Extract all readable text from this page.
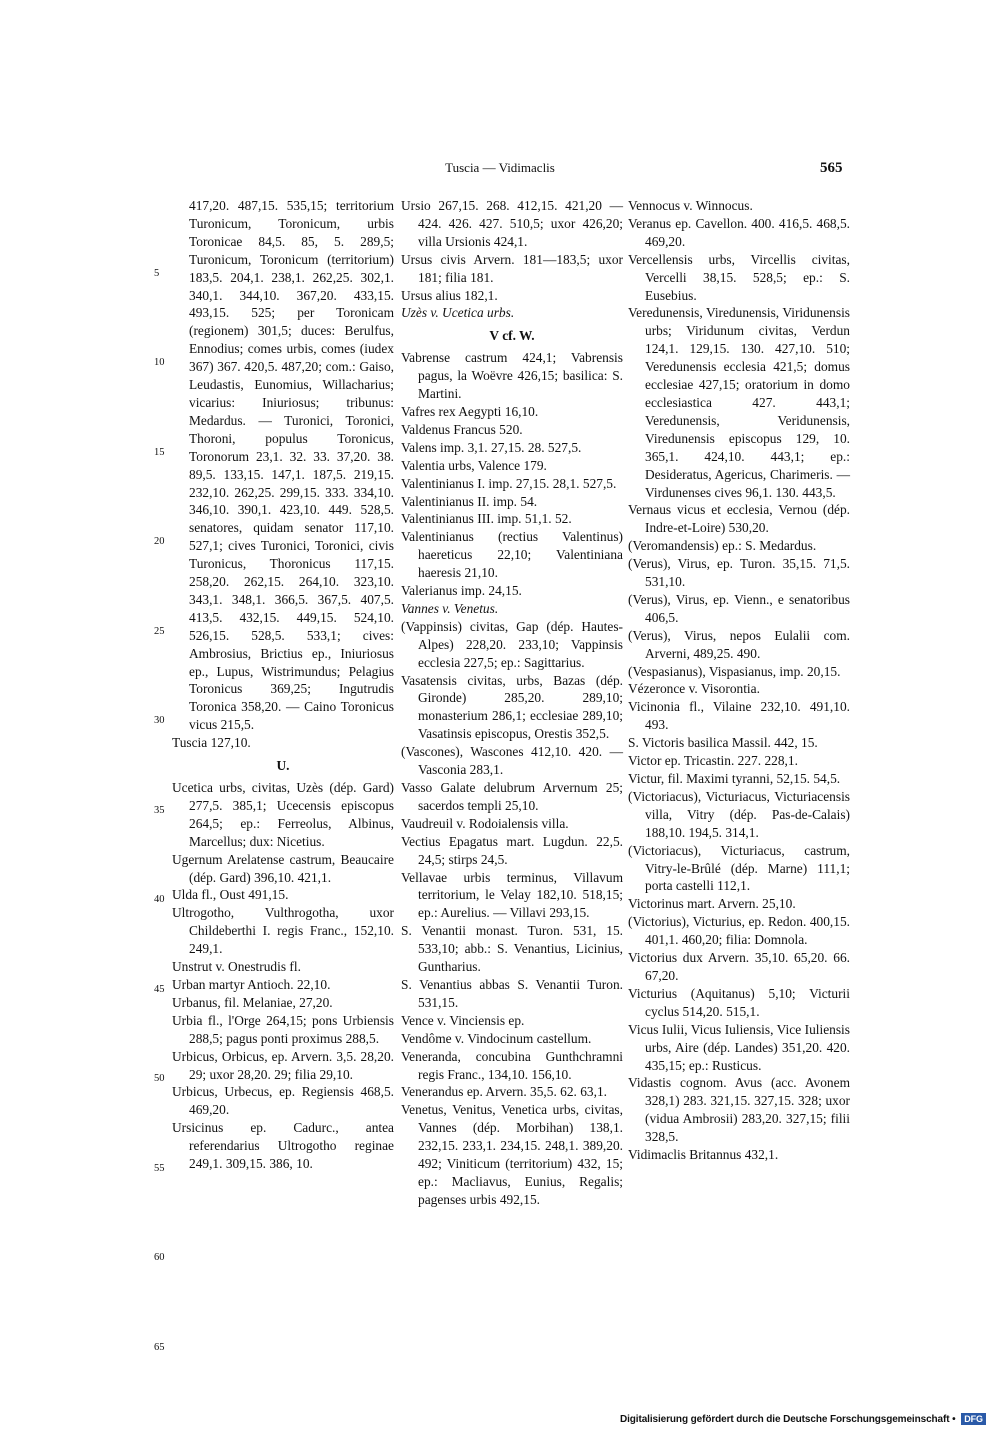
Tuscia — Vidimaclis	565
5
10
15
20
25
30
35
40
45
50
55
60
65
417,20. 487,15. 535,15; territorium Turonicum, Toronicum, urbis Toronicae 84,5. 85, 5. 289,5; Turonicum, Toronicum (territorium) 183,5. 204,1. 238,1. 262,25. 302,1. 340,1. 344,10. 367,20. 433,15. 493,15. 525; per Toronicam (regionem) 301,5; duces: Berulfus, Ennodius; comes urbis, comes (iudex 367) 367. 420,5. 487,20; com.: Gaiso, Leudastis, Eunomius, Willacharius; vicarius: Iniuriosus; tribunus: Medardus. — Turonici, Toronici, Thoroni, populus Toronicus, Toronorum 23,1. 32. 33. 37,20. 38. 89,5. 133,15. 147,1. 187,5. 219,15. 232,10. 262,25. 299,15. 333. 334,10. 346,10. 390,1. 423,10. 449. 528,5. senatores, quidam senator 117,10. 527,1; cives Turonici, Toronici, civis Turonicus, Thoronicus 117,15. 258,20. 262,15. 264,10. 323,10. 343,1. 348,1. 366,5. 367,5. 407,5. 413,5. 432,15. 449,15. 524,10. 526,15. 528,5. 533,1; cives: Ambrosius, Brictius ep., Iniuriosus ep., Lupus, Wistrimundus; Pelagius Toronicus 369,25; Ingutrudis Toronica 358,20. — Caino Toronicus vicus 215,5.
Tuscia 127,10.
U.
Ucetica urbs, civitas, Uzès (dép. Gard) 277,5. 385,1; Ucecensis episcopus 264,5; ep.: Ferreolus, Albinus, Marcellus; dux: Nicetius.
Ugernum Arelatense castrum, Beaucaire (dép. Gard) 396,10. 421,1.
Ulda fl., Oust 491,15.
Ultrogotho, Vulthrogotha, uxor Childeberthi I. regis Franc., 152,10. 249,1.
Unstrut v. Onestrudis fl.
Urban martyr Antioch. 22,10.
Urbanus, fil. Melaniae, 27,20.
Urbia fl., l'Orge 264,15; pons Urbiensis 288,5; pagus ponti proximus 288,5.
Urbicus, Orbicus, ep. Arvern. 3,5. 28,20. 29; uxor 28,20. 29; filia 29,10.
Urbicus, Urbecus, ep. Regiensis 468,5. 469,20.
Ursicinus ep. Cadurc., antea referendarius Ultrogotho reginae 249,1. 309,15. 386, 10.
Ursio 267,15. 268. 412,15. 421,20 —424. 426. 427. 510,5; uxor 426,20; villa Ursionis 424,1.
Ursus civis Arvern. 181—183,5; uxor 181; filia 181.
Ursus alius 182,1.
Uzès v. Ucetica urbs.
V cf. W.
Vabrense castrum 424,1; Vabrensis pagus, la Woëvre 426,15; basilica: S. Martini.
Vafres rex Aegypti 16,10.
Valdenus Francus 520.
Valens imp. 3,1. 27,15. 28. 527,5.
Valentia urbs, Valence 179.
Valentinianus I. imp. 27,15. 28,1. 527,5.
Valentinianus II. imp. 54.
Valentinianus III. imp. 51,1. 52.
Valentinianus (rectius Valentinus) haereticus 22,10; Valentiniana haeresis 21,10.
Valerianus imp. 24,15.
Vannes v. Venetus.
(Vappinsis) civitas, Gap (dép. Hautes-Alpes) 228,20. 233,10; Vappinsis ecclesia 227,5; ep.: Sagittarius.
Vasatensis civitas, urbs, Bazas (dép. Gironde) 285,20. 289,10; monasterium 286,1; ecclesiae 289,10; Vasatinsis episcopus, Orestis 352,5.
(Vascones), Wascones 412,10. 420. — Vasconia 283,1.
Vasso Galate delubrum Arvernum 25; sacerdos templi 25,10.
Vaudreuil v. Rodoialensis villa.
Vectius Epagatus mart. Lugdun. 22,5. 24,5; stirps 24,5.
Vellavae urbis terminus, Villavum territorium, le Velay 182,10. 518,15; ep.: Aurelius. — Villavi 293,15.
S. Venantii monast. Turon. 531, 15. 533,10; abb.: S. Venantius, Licinius, Guntharius.
S. Venantius abbas S. Venantii Turon. 531,15.
Vence v. Vinciensis ep.
Vendôme v. Vindocinum castellum.
Veneranda, concubina Gunthchramni regis Franc., 134,10. 156,10.
Venerandus ep. Arvern. 35,5. 62. 63,1.
Venetus, Venitus, Venetica urbs, civitas, Vannes (dép. Morbihan) 138,1. 232,15. 233,1. 234,15. 248,1. 389,20. 492; Viniticum (territorium) 432, 15; ep.: Macliavus, Eunius, Regalis; pagenses urbis 492,15.
Vennocus v. Winnocus.
Veranus ep. Cavellon. 400. 416,5. 468,5. 469,20.
Vercellensis urbs, Vircellis civitas, Vercelli 38,15. 528,5; ep.: S. Eusebius.
Veredunensis, Viredunensis, Viridunensis urbs; Viridunum civitas, Verdun 124,1. 129,15. 130. 427,10. 510; Veredunensis ecclesia 421,5; domus ecclesiae 427,15; oratorium in domo ecclesiastica 427. 443,1; Veredunensis, Veridunensis, Viredunensis episcopus 129, 10. 365,1. 424,10. 443,1; ep.: Desideratus, Agericus, Charimeris. — Virdunenses cives 96,1. 130. 443,5.
Vernaus vicus et ecclesia, Vernou (dép. Indre-et-Loire) 530,20.
(Veromandensis) ep.: S. Medardus.
(Verus), Virus, ep. Turon. 35,15. 71,5. 531,10.
(Verus), Virus, ep. Vienn., e senatoribus 406,5.
(Verus), Virus, nepos Eulalii com. Arverni, 489,25. 490.
(Vespasianus), Vispasianus, imp. 20,15.
Vézeronce v. Visorontia.
Vicinonia fl., Vilaine 232,10. 491,10. 493.
S. Victoris basilica Massil. 442, 15.
Victor ep. Tricastin. 227. 228,1.
Victur, fil. Maximi tyranni, 52,15. 54,5.
(Victoriacus), Victuriacus, Victuriacensis villa, Vitry (dép. Pas-de-Calais) 188,10. 194,5. 314,1.
(Victoriacus), Victuriacus, castrum, Vitry-le-Brûlé (dép. Marne) 111,1; porta castelli 112,1.
Victorinus mart. Arvern. 25,10.
(Victorius), Victurius, ep. Redon. 400,15. 401,1. 460,20; filia: Domnola.
Victorius dux Arvern. 35,10. 65,20. 66. 67,20.
Victurius (Aquitanus) 5,10; Victurii cyclus 514,20. 515,1.
Vicus Iulii, Vicus Iuliensis, Vice Iuliensis urbs, Aire (dép. Landes) 351,20. 420. 435,15; ep.: Rusticus.
Vidastis cognom. Avus (acc. Avonem 328,1) 283. 321,15. 327,15. 328; uxor (vidua Ambrosii) 283,20. 327,15; filii 328,5.
Vidimaclis Britannus 432,1.
Digitalisierung gefördert durch die Deutsche Forschungsgemeinschaft • DFG
